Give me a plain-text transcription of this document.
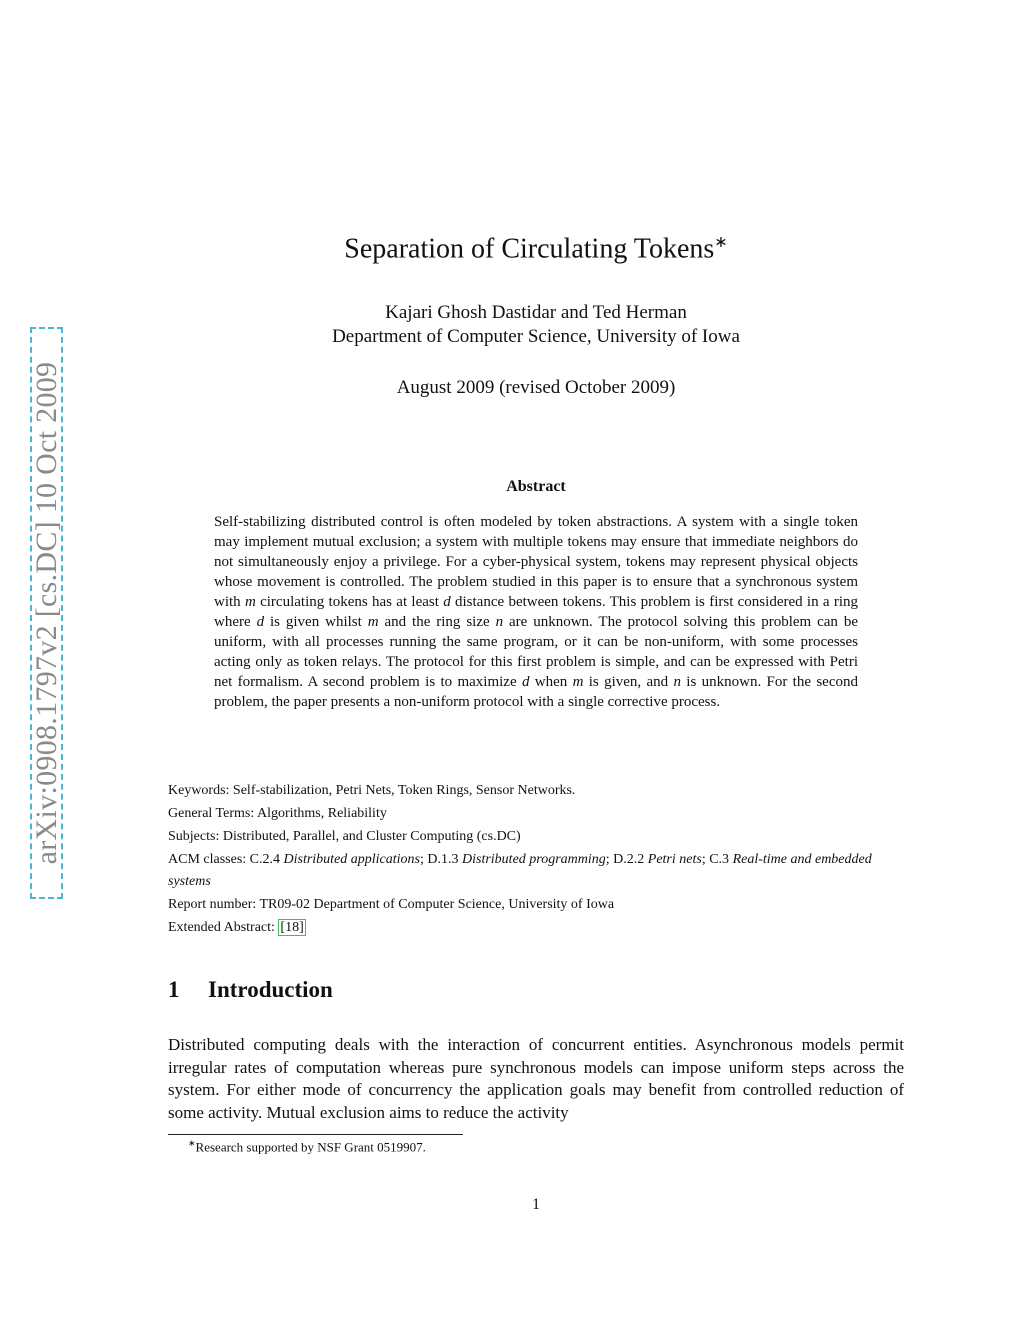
arXiv:0908.1797v2 [cs.DC] 10 Oct 2009
Separation of Circulating Tokens∗
Kajari Ghosh Dastidar and Ted Herman
Department of Computer Science, University of Iowa
August 2009 (revised October 2009)
Abstract
Self-stabilizing distributed control is often modeled by token abstractions. A system with a single token may implement mutual exclusion; a system with multiple tokens may ensure that immediate neighbors do not simultaneously enjoy a privilege. For a cyber-physical system, tokens may represent physical objects whose movement is controlled. The problem studied in this paper is to ensure that a synchronous system with m circulating tokens has at least d distance between tokens. This problem is first considered in a ring where d is given whilst m and the ring size n are unknown. The protocol solving this problem can be uniform, with all processes running the same program, or it can be non-uniform, with some processes acting only as token relays. The protocol for this first problem is simple, and can be expressed with Petri net formalism. A second problem is to maximize d when m is given, and n is unknown. For the second problem, the paper presents a non-uniform protocol with a single corrective process.
Keywords: Self-stabilization, Petri Nets, Token Rings, Sensor Networks.
General Terms: Algorithms, Reliability
Subjects: Distributed, Parallel, and Cluster Computing (cs.DC)
ACM classes: C.2.4 Distributed applications; D.1.3 Distributed programming; D.2.2 Petri nets; C.3 Real-time and embedded systems
Report number: TR09-02 Department of Computer Science, University of Iowa
Extended Abstract: [18]
1 Introduction
Distributed computing deals with the interaction of concurrent entities. Asynchronous models permit irregular rates of computation whereas pure synchronous models can impose uniform steps across the system. For either mode of concurrency the application goals may benefit from controlled reduction of some activity. Mutual exclusion aims to reduce the activity
∗Research supported by NSF Grant 0519907.
1
